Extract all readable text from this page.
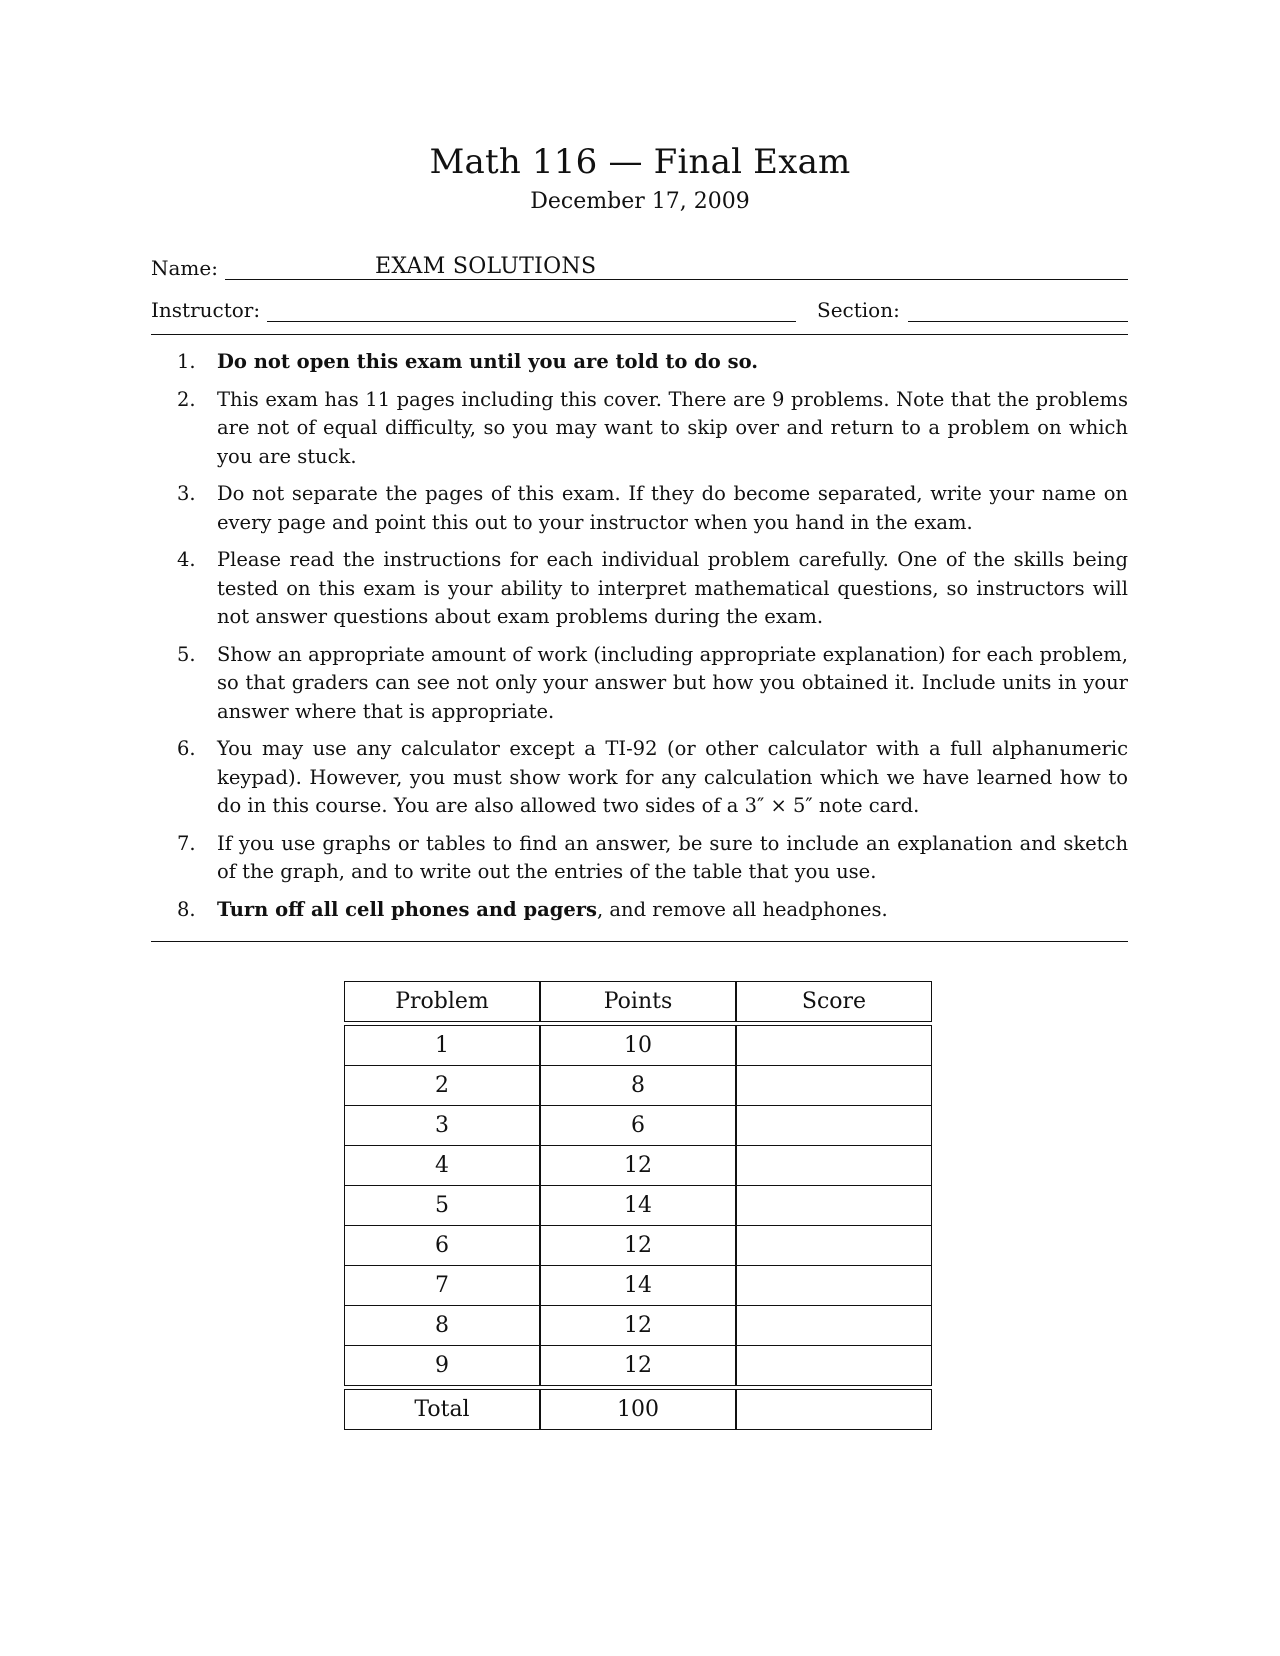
Math 116 — Final Exam
December 17, 2009
Name:	EXAM SOLUTIONS
Instructor:	Section:
1. Do not open this exam until you are told to do so.
2. This exam has 11 pages including this cover. There are 9 problems. Note that the problems are not of equal difficulty, so you may want to skip over and return to a problem on which you are stuck.
3. Do not separate the pages of this exam. If they do become separated, write your name on every page and point this out to your instructor when you hand in the exam.
4. Please read the instructions for each individual problem carefully. One of the skills being tested on this exam is your ability to interpret mathematical questions, so instructors will not answer questions about exam problems during the exam.
5. Show an appropriate amount of work (including appropriate explanation) for each problem, so that graders can see not only your answer but how you obtained it. Include units in your answer where that is appropriate.
6. You may use any calculator except a TI-92 (or other calculator with a full alphanumeric keypad). However, you must show work for any calculation which we have learned how to do in this course. You are also allowed two sides of a 3″ × 5″ note card.
7. If you use graphs or tables to find an answer, be sure to include an explanation and sketch of the graph, and to write out the entries of the table that you use.
8. Turn off all cell phones and pagers, and remove all headphones.
Problem	Points	Score

1	10	
2	8	
3	6	
4	12	
5	14	
6	12	
7	14	
8	12	
9	12	

Total	100	
